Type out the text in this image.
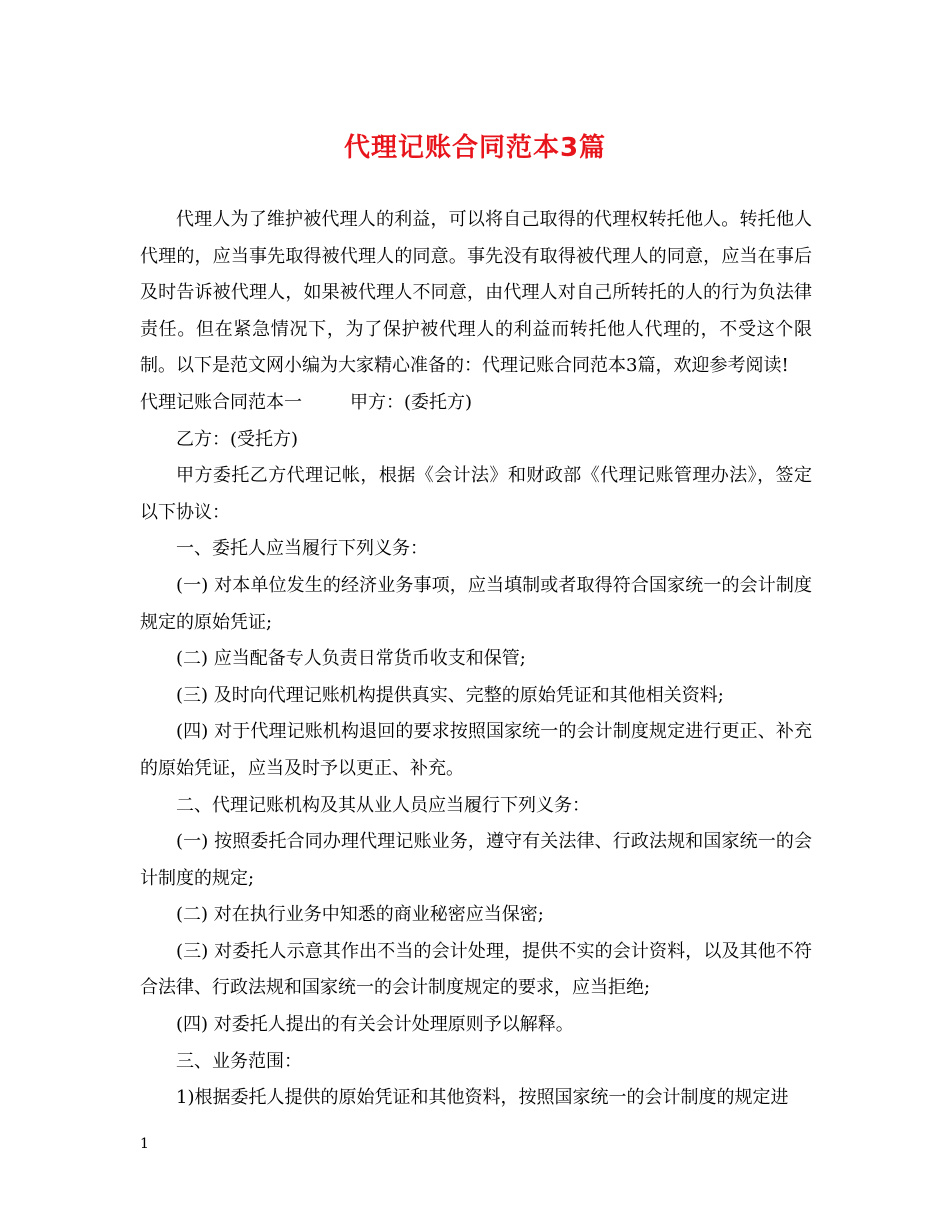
代理记账合同范本3篇

代理人为了维护被代理人的利益，可以将自己取得的代理权转托他人。转托他人代理的，应当事先取得被代理人的同意。事先没有取得被代理人的同意，应当在事后及时告诉被代理人，如果被代理人不同意，由代理人对自己所转托的人的行为负法律责任。但在紧急情况下，为了保护被代理人的利益而转托他人代理的，不受这个限制。以下是范文网小编为大家精心准备的：代理记账合同范本3篇，欢迎参考阅读!

代理记账合同范本一	甲方：(委托方)

乙方：(受托方)

甲方委托乙方代理记帐，根据《会计法》和财政部《代理记账管理办法》，签定以下协议：

一、委托人应当履行下列义务：

(一) 对本单位发生的经济业务事项，应当填制或者取得符合国家统一的会计制度规定的原始凭证;

(二) 应当配备专人负责日常货币收支和保管;

(三) 及时向代理记账机构提供真实、完整的原始凭证和其他相关资料;

(四) 对于代理记账机构退回的要求按照国家统一的会计制度规定进行更正、补充的原始凭证，应当及时予以更正、补充。

二、代理记账机构及其从业人员应当履行下列义务：

(一) 按照委托合同办理代理记账业务，遵守有关法律、行政法规和国家统一的会计制度的规定;

(二) 对在执行业务中知悉的商业秘密应当保密;

(三) 对委托人示意其作出不当的会计处理，提供不实的会计资料，以及其他不符合法律、行政法规和国家统一的会计制度规定的要求，应当拒绝;

(四) 对委托人提出的有关会计处理原则予以解释。

三、业务范围：

1)根据委托人提供的原始凭证和其他资料，按照国家统一的会计制度的规定进

1
